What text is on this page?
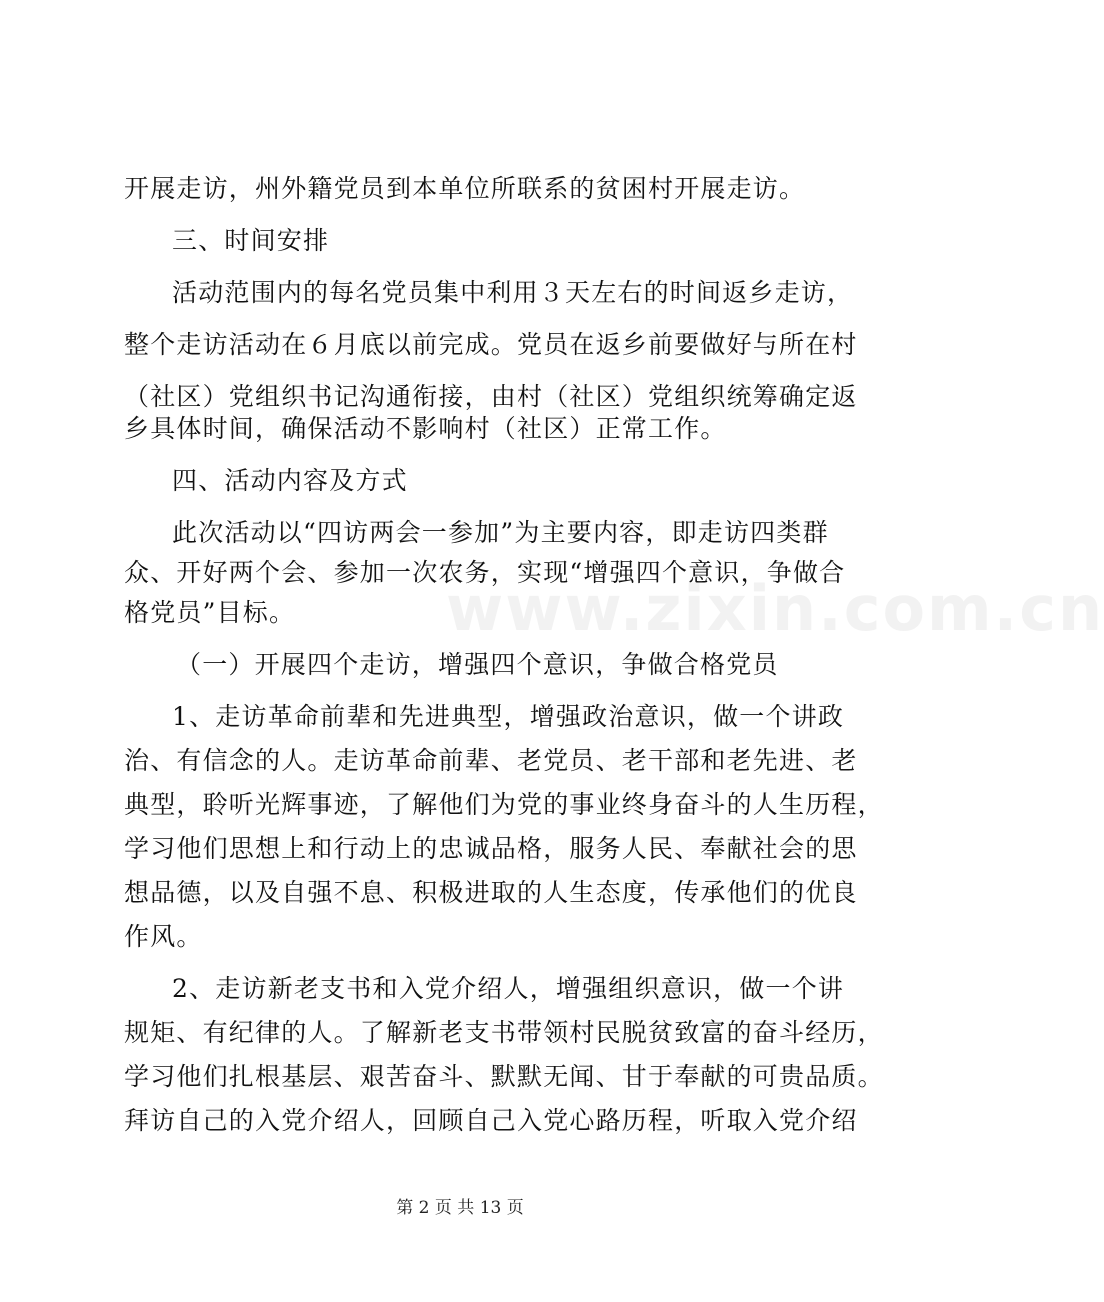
www.zixin.com.cn
开展走访，州外籍党员到本单位所联系的贫困村开展走访。
三、时间安排
活动范围内的每名党员集中利用３天左右的时间返乡走访，
整个走访活动在６月底以前完成。党员在返乡前要做好与所在村
（社区）党组织书记沟通衔接，由村（社区）党组织统筹确定返
乡具体时间，确保活动不影响村（社区）正常工作。
四、活动内容及方式
此次活动以“四访两会一参加”为主要内容，即走访四类群
众、开好两个会、参加一次农务，实现“增强四个意识，争做合
格党员”目标。
（一）开展四个走访，增强四个意识，争做合格党员
1、走访革命前辈和先进典型，增强政治意识，做一个讲政
治、有信念的人。走访革命前辈、老党员、老干部和老先进、老
典型，聆听光辉事迹，了解他们为党的事业终身奋斗的人生历程，
学习他们思想上和行动上的忠诚品格，服务人民、奉献社会的思
想品德，以及自强不息、积极进取的人生态度，传承他们的优良
作风。
2、走访新老支书和入党介绍人，增强组织意识，做一个讲
规矩、有纪律的人。了解新老支书带领村民脱贫致富的奋斗经历，
学习他们扎根基层、艰苦奋斗、默默无闻、甘于奉献的可贵品质。
拜访自己的入党介绍人，回顾自己入党心路历程，听取入党介绍
第 2 页 共 13 页
